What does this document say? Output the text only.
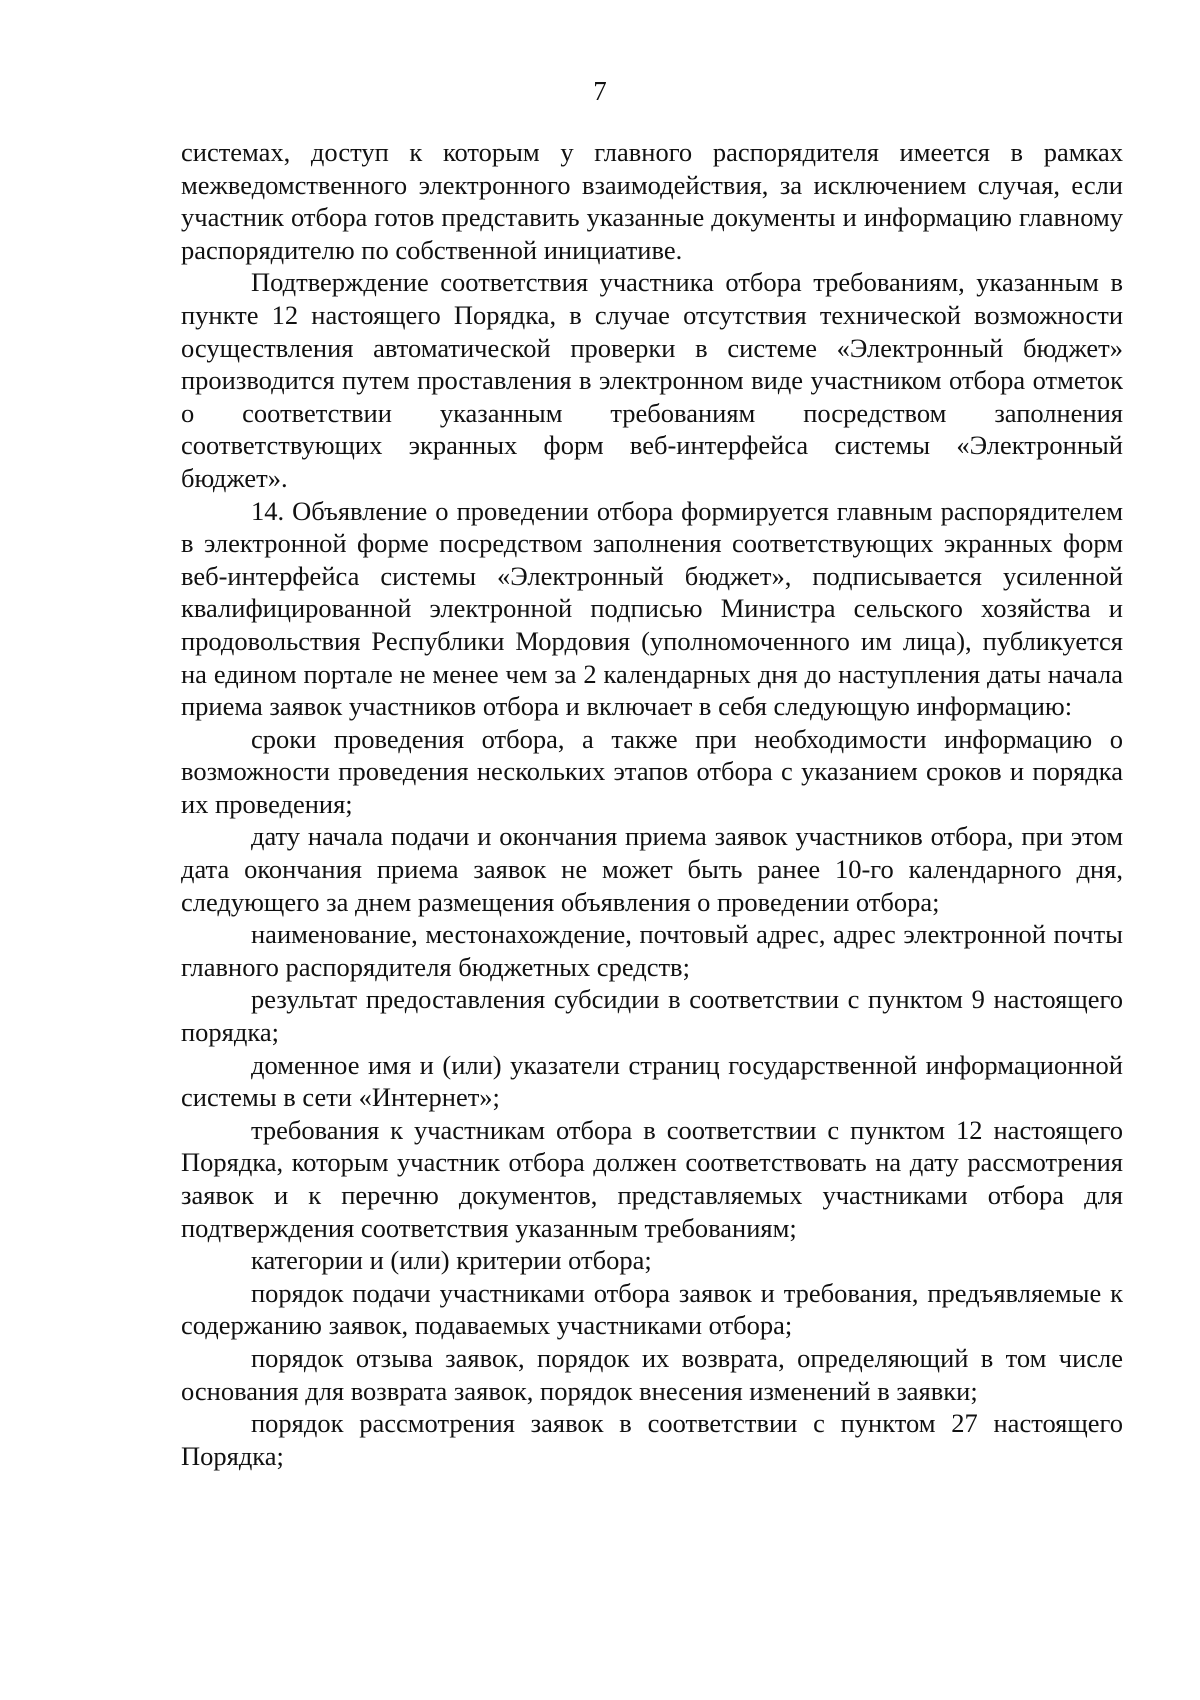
7

системах, доступ к которым у главного распорядителя имеется в рамках межведомственного электронного взаимодействия, за исключением случая, если участник отбора готов представить указанные документы и информацию главному распорядителю по собственной инициативе.

Подтверждение соответствия участника отбора требованиям, указанным в пункте 12 настоящего Порядка, в случае отсутствия технической возможности осуществления автоматической проверки в системе «Электронный бюджет» производится путем проставления в электронном виде участником отбора отметок о соответствии указанным требованиям посредством заполнения соответствующих экранных форм веб-интерфейса системы «Электронный бюджет».

14. Объявление о проведении отбора формируется главным распорядителем в электронной форме посредством заполнения соответствующих экранных форм веб-интерфейса системы «Электронный бюджет», подписывается усиленной квалифицированной электронной подписью Министра сельского хозяйства и продовольствия Республики Мордовия (уполномоченного им лица), публикуется на едином портале не менее чем за 2 календарных дня до наступления даты начала приема заявок участников отбора и включает в себя следующую информацию:

сроки проведения отбора, а также при необходимости информацию о возможности проведения нескольких этапов отбора с указанием сроков и порядка их проведения;

дату начала подачи и окончания приема заявок участников отбора, при этом дата окончания приема заявок не может быть ранее 10-го календарного дня, следующего за днем размещения объявления о проведении отбора;

наименование, местонахождение, почтовый адрес, адрес электронной почты главного распорядителя бюджетных средств;

результат предоставления субсидии в соответствии с пунктом 9 настоящего порядка;

доменное имя и (или) указатели страниц государственной информационной системы в сети «Интернет»;

требования к участникам отбора в соответствии с пунктом 12 настоящего Порядка, которым участник отбора должен соответствовать на дату рассмотрения заявок и к перечню документов, представляемых участниками отбора для подтверждения соответствия указанным требованиям;

категории и (или) критерии отбора;

порядок подачи участниками отбора заявок и требования, предъявляемые к содержанию заявок, подаваемых участниками отбора;

порядок отзыва заявок, порядок их возврата, определяющий в том числе основания для возврата заявок, порядок внесения изменений в заявки;

порядок рассмотрения заявок в соответствии с пунктом 27 настоящего Порядка;
